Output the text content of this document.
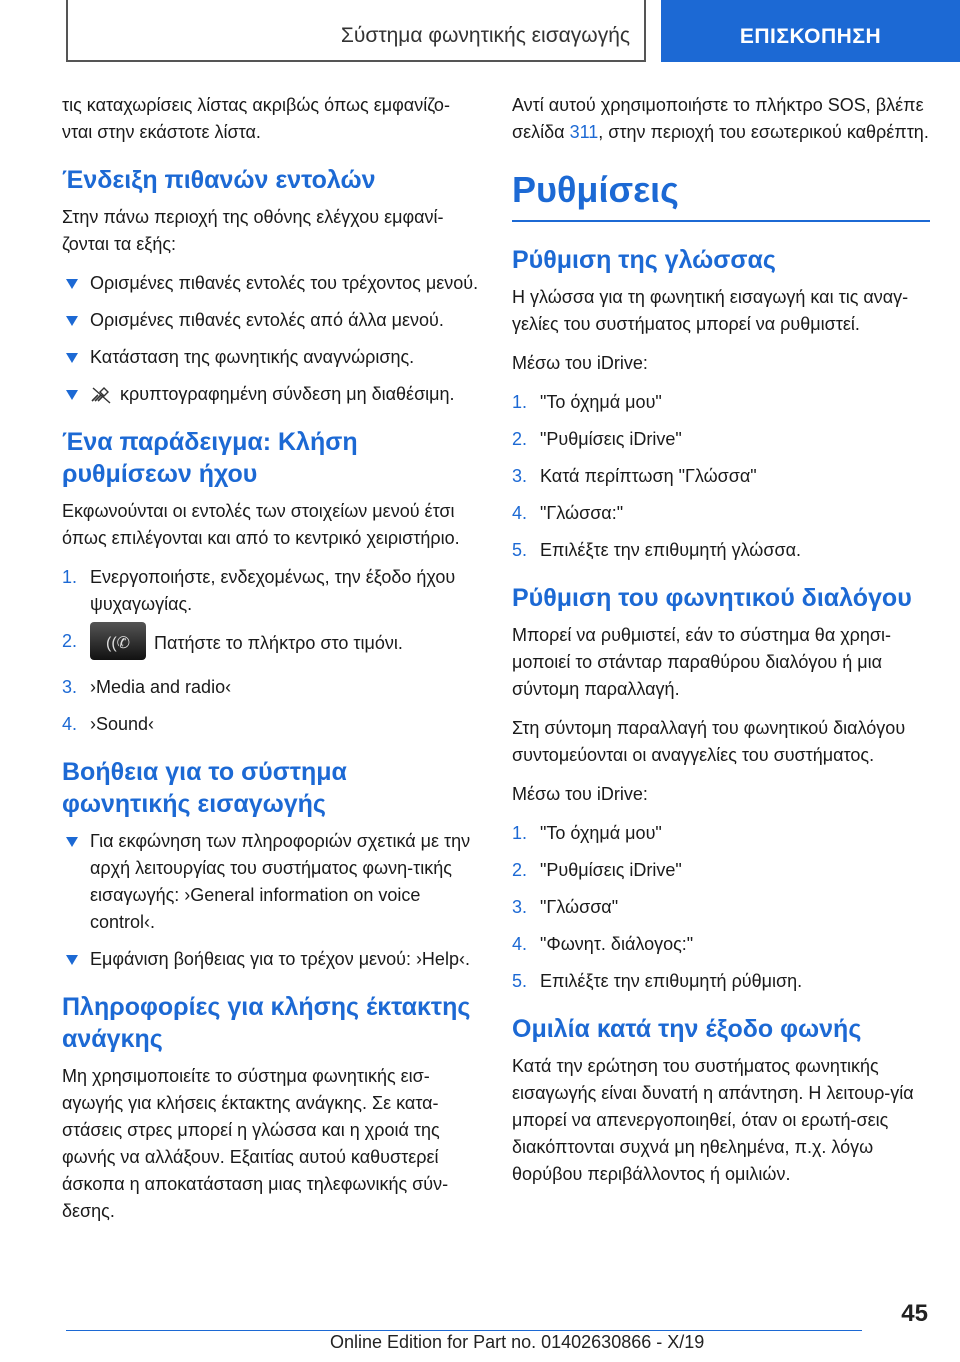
Σύστημα φωνητικής εισαγωγής	ΕΠΙΣΚΟΠΗΣΗ

τις καταχωρίσεις λίστας ακριβώς όπως εμφανίζο-νται στην εκάστοτε λίστα.

Ένδειξη πιθανών εντολών

Στην πάνω περιοχή της οθόνης ελέγχου εμφανί-ζονται τα εξής:

Ορισμένες πιθανές εντολές του τρέχοντος μενού.
Ορισμένες πιθανές εντολές από άλλα μενού.
Κατάσταση της φωνητικής αναγνώρισης.
κρυπτογραφημένη σύνδεση μη διαθέσιμη.
Ένα παράδειγμα: Κλήση ρυθμίσεων ήχου

Εκφωνούνται οι εντολές των στοιχείων μενού έτσι όπως επιλέγονται και από το κεντρικό χειριστήριο.

1. Ενεργοποιήστε, ενδεχομένως, την έξοδο ήχου ψυχαγωγίας.
2. ((✆ Πατήστε το πλήκτρο στο τιμόνι.
3. ›Media and radio‹
4. ›Sound‹
Βοήθεια για το σύστημα φωνητικής εισαγωγής
Για εκφώνηση των πληροφοριών σχετικά με την αρχή λειτουργίας του συστήματος φωνη-τικής εισαγωγής: ›General information on voice control‹.
Εμφάνιση βοήθειας για το τρέχον μενού: ›Help‹.
Πληροφορίες για κλήσης έκτακτης ανάγκης

Μη χρησιμοποιείτε το σύστημα φωνητικής εισ-αγωγής για κλήσεις έκτακτης ανάγκης. Σε κατα-στάσεις στρες μπορεί η γλώσσα και η χροιά της φωνής να αλλάξουν. Εξαιτίας αυτού καθυστερεί άσκοπα η αποκατάσταση μιας τηλεφωνικής σύν-δεσης.

Αντί αυτού χρησιμοποιήστε το πλήκτρο SOS, βλέπε σελίδα 311, στην περιοχή του εσωτερικού καθρέπτη.

Ρυθμίσεις
Ρύθμιση της γλώσσας

Η γλώσσα για τη φωνητική εισαγωγή και τις αναγ-γελίες του συστήματος μπορεί να ρυθμιστεί.

Μέσω του iDrive:

1. "Το όχημά μου"
2. "Ρυθμίσεις iDrive"
3. Κατά περίπτωση "Γλώσσα"
4. "Γλώσσα:"
5. Επιλέξτε την επιθυμητή γλώσσα.
Ρύθμιση του φωνητικού διαλόγου

Μπορεί να ρυθμιστεί, εάν το σύστημα θα χρησι-μοποιεί το στάνταρ παραθύρου διαλόγου ή μια σύντομη παραλλαγή.

Στη σύντομη παραλλαγή του φωνητικού διαλόγου συντομεύονται οι αναγγελίες του συστήματος.

Μέσω του iDrive:

1. "Το όχημά μου"
2. "Ρυθμίσεις iDrive"
3. "Γλώσσα"
4. "Φωνητ. διάλογος:"
5. Επιλέξτε την επιθυμητή ρύθμιση.
Ομιλία κατά την έξοδο φωνής

Κατά την ερώτηση του συστήματος φωνητικής εισαγωγής είναι δυνατή η απάντηση. Η λειτουρ-γία μπορεί να απενεργοποιηθεί, όταν οι ερωτή-σεις διακόπτονται συχνά μη ηθελημένα, π.χ. λόγω θορύβου περιβάλλοντος ή ομιλιών.

45
Online Edition for Part no. 01402630866 - X/19
